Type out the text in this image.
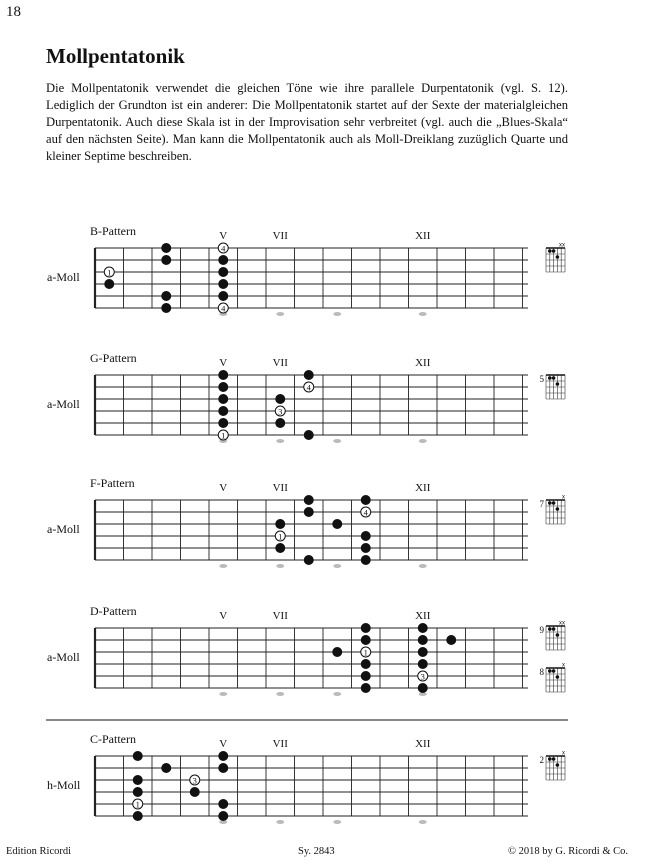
18
Mollpentatonik

Die Mollpentatonik verwendet die gleichen Töne wie ihre parallele Durpentatonik (vgl. S. 12). Lediglich der Grundton ist ein anderer: Die Mollpentatonik startet auf der Sexte der materialgleichen Durpentatonik. Auch diese Skala ist in der Improvisation sehr verbreitet (vgl. auch die „Blues-Skala“ auf den nächsten Seite). Man kann die Mollpentatonik auch als Moll-Dreiklang zuzüglich Quarte und kleiner Septime beschreiben.

1
4
4
xx
1
3
4
5
1
4
7
x
1
3
9
xx
8
x
1
3
2
x
B-Pattern
a-Moll
V	VII	XII
G-Pattern
a-Moll
V	VII	XII
F-Pattern
a-Moll
V	VII	XII
D-Pattern
a-Moll
V	VII	XII
C-Pattern
h-Moll
V	VII	XII
Edition Ricordi	Sy. 2843	© 2018 by G. Ricordi & Co.
